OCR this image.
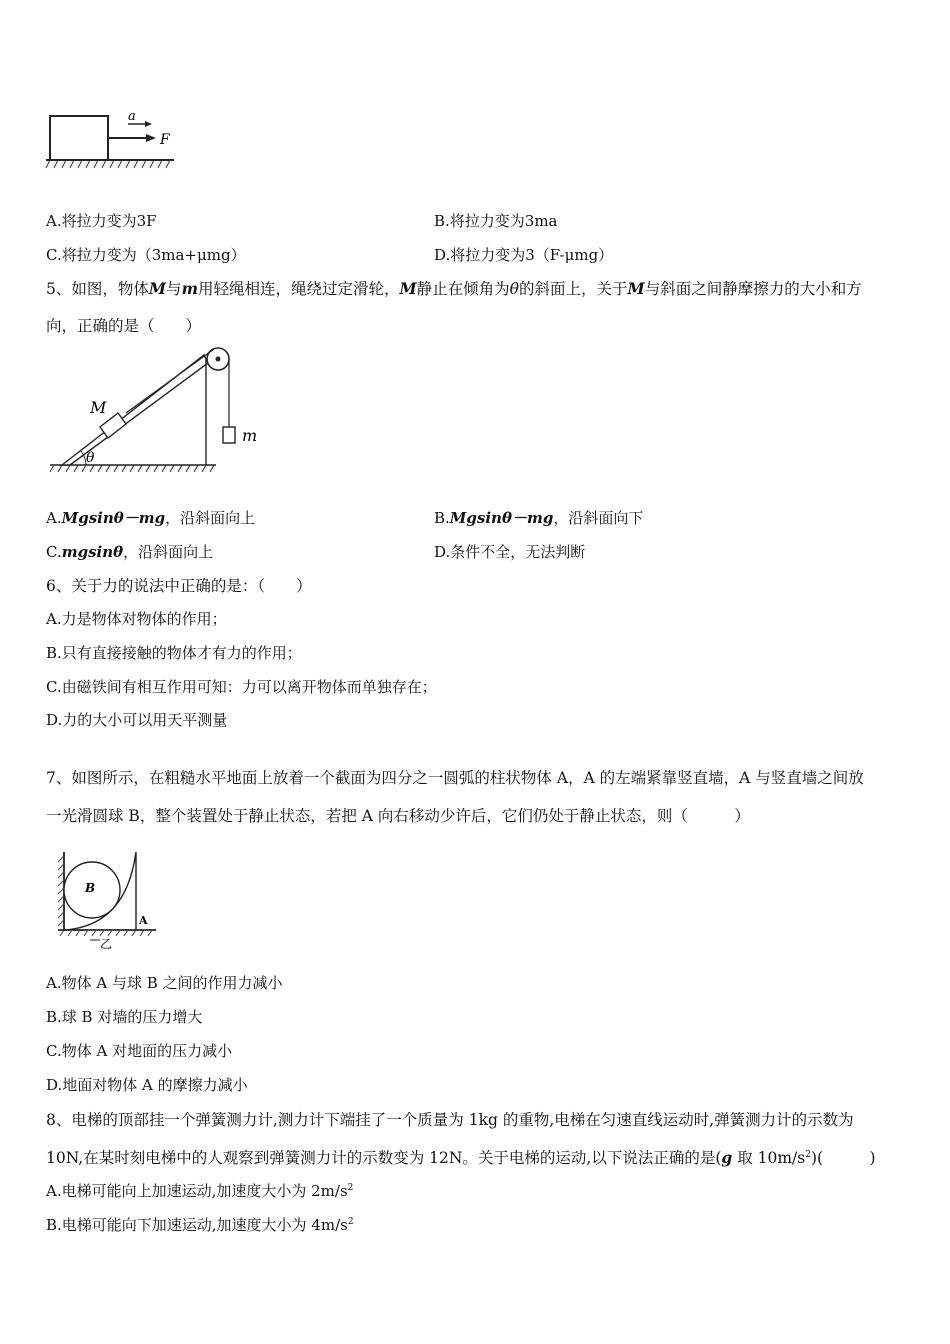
a
F
A.将拉力变为3F	B.将拉力变为3ma
C.将拉力变为（3ma+μmg）	D.将拉力变为3（F-μmg）
5、如图，物体M与m用轻绳相连，绳绕过定滑轮，M静止在倾角为θ的斜面上，关于M与斜面之间静摩擦力的大小和方
向，正确的是（　　）
M
m
θ
A.Mgsinθ－mg，沿斜面向上	B.Mgsinθ－mg，沿斜面向下
C.mgsinθ，沿斜面向上	D.条件不全，无法判断
6、关于力的说法中正确的是：（　　）
A.力是物体对物体的作用；
B.只有直接接触的物体才有力的作用；
C.由磁铁间有相互作用可知：力可以离开物体而单独存在；
D.力的大小可以用天平测量
7、如图所示，在粗糙水平地面上放着一个截面为四分之一圆弧的柱状物体 A，A 的左端紧靠竖直墙，A 与竖直墙之间放
一光滑圆球 B，整个装置处于静止状态，若把 A 向右移动少许后，它们仍处于静止状态，则（　　　）
B
A
乙
A.物体 A 与球 B 之间的作用力减小
B.球 B 对墙的压力增大
C.物体 A 对地面的压力减小
D.地面对物体 A 的摩擦力减小
8、电梯的顶部挂一个弹簧测力计,测力计下端挂了一个质量为 1kg 的重物,电梯在匀速直线运动时,弹簧测力计的示数为
10N,在某时刻电梯中的人观察到弹簧测力计的示数变为 12N。关于电梯的运动,以下说法正确的是(g 取 $10m/s^2$)(　　　)
A.电梯可能向上加速运动,加速度大小为 $2m/s^2$
B.电梯可能向下加速运动,加速度大小为 $4m/s^2$
